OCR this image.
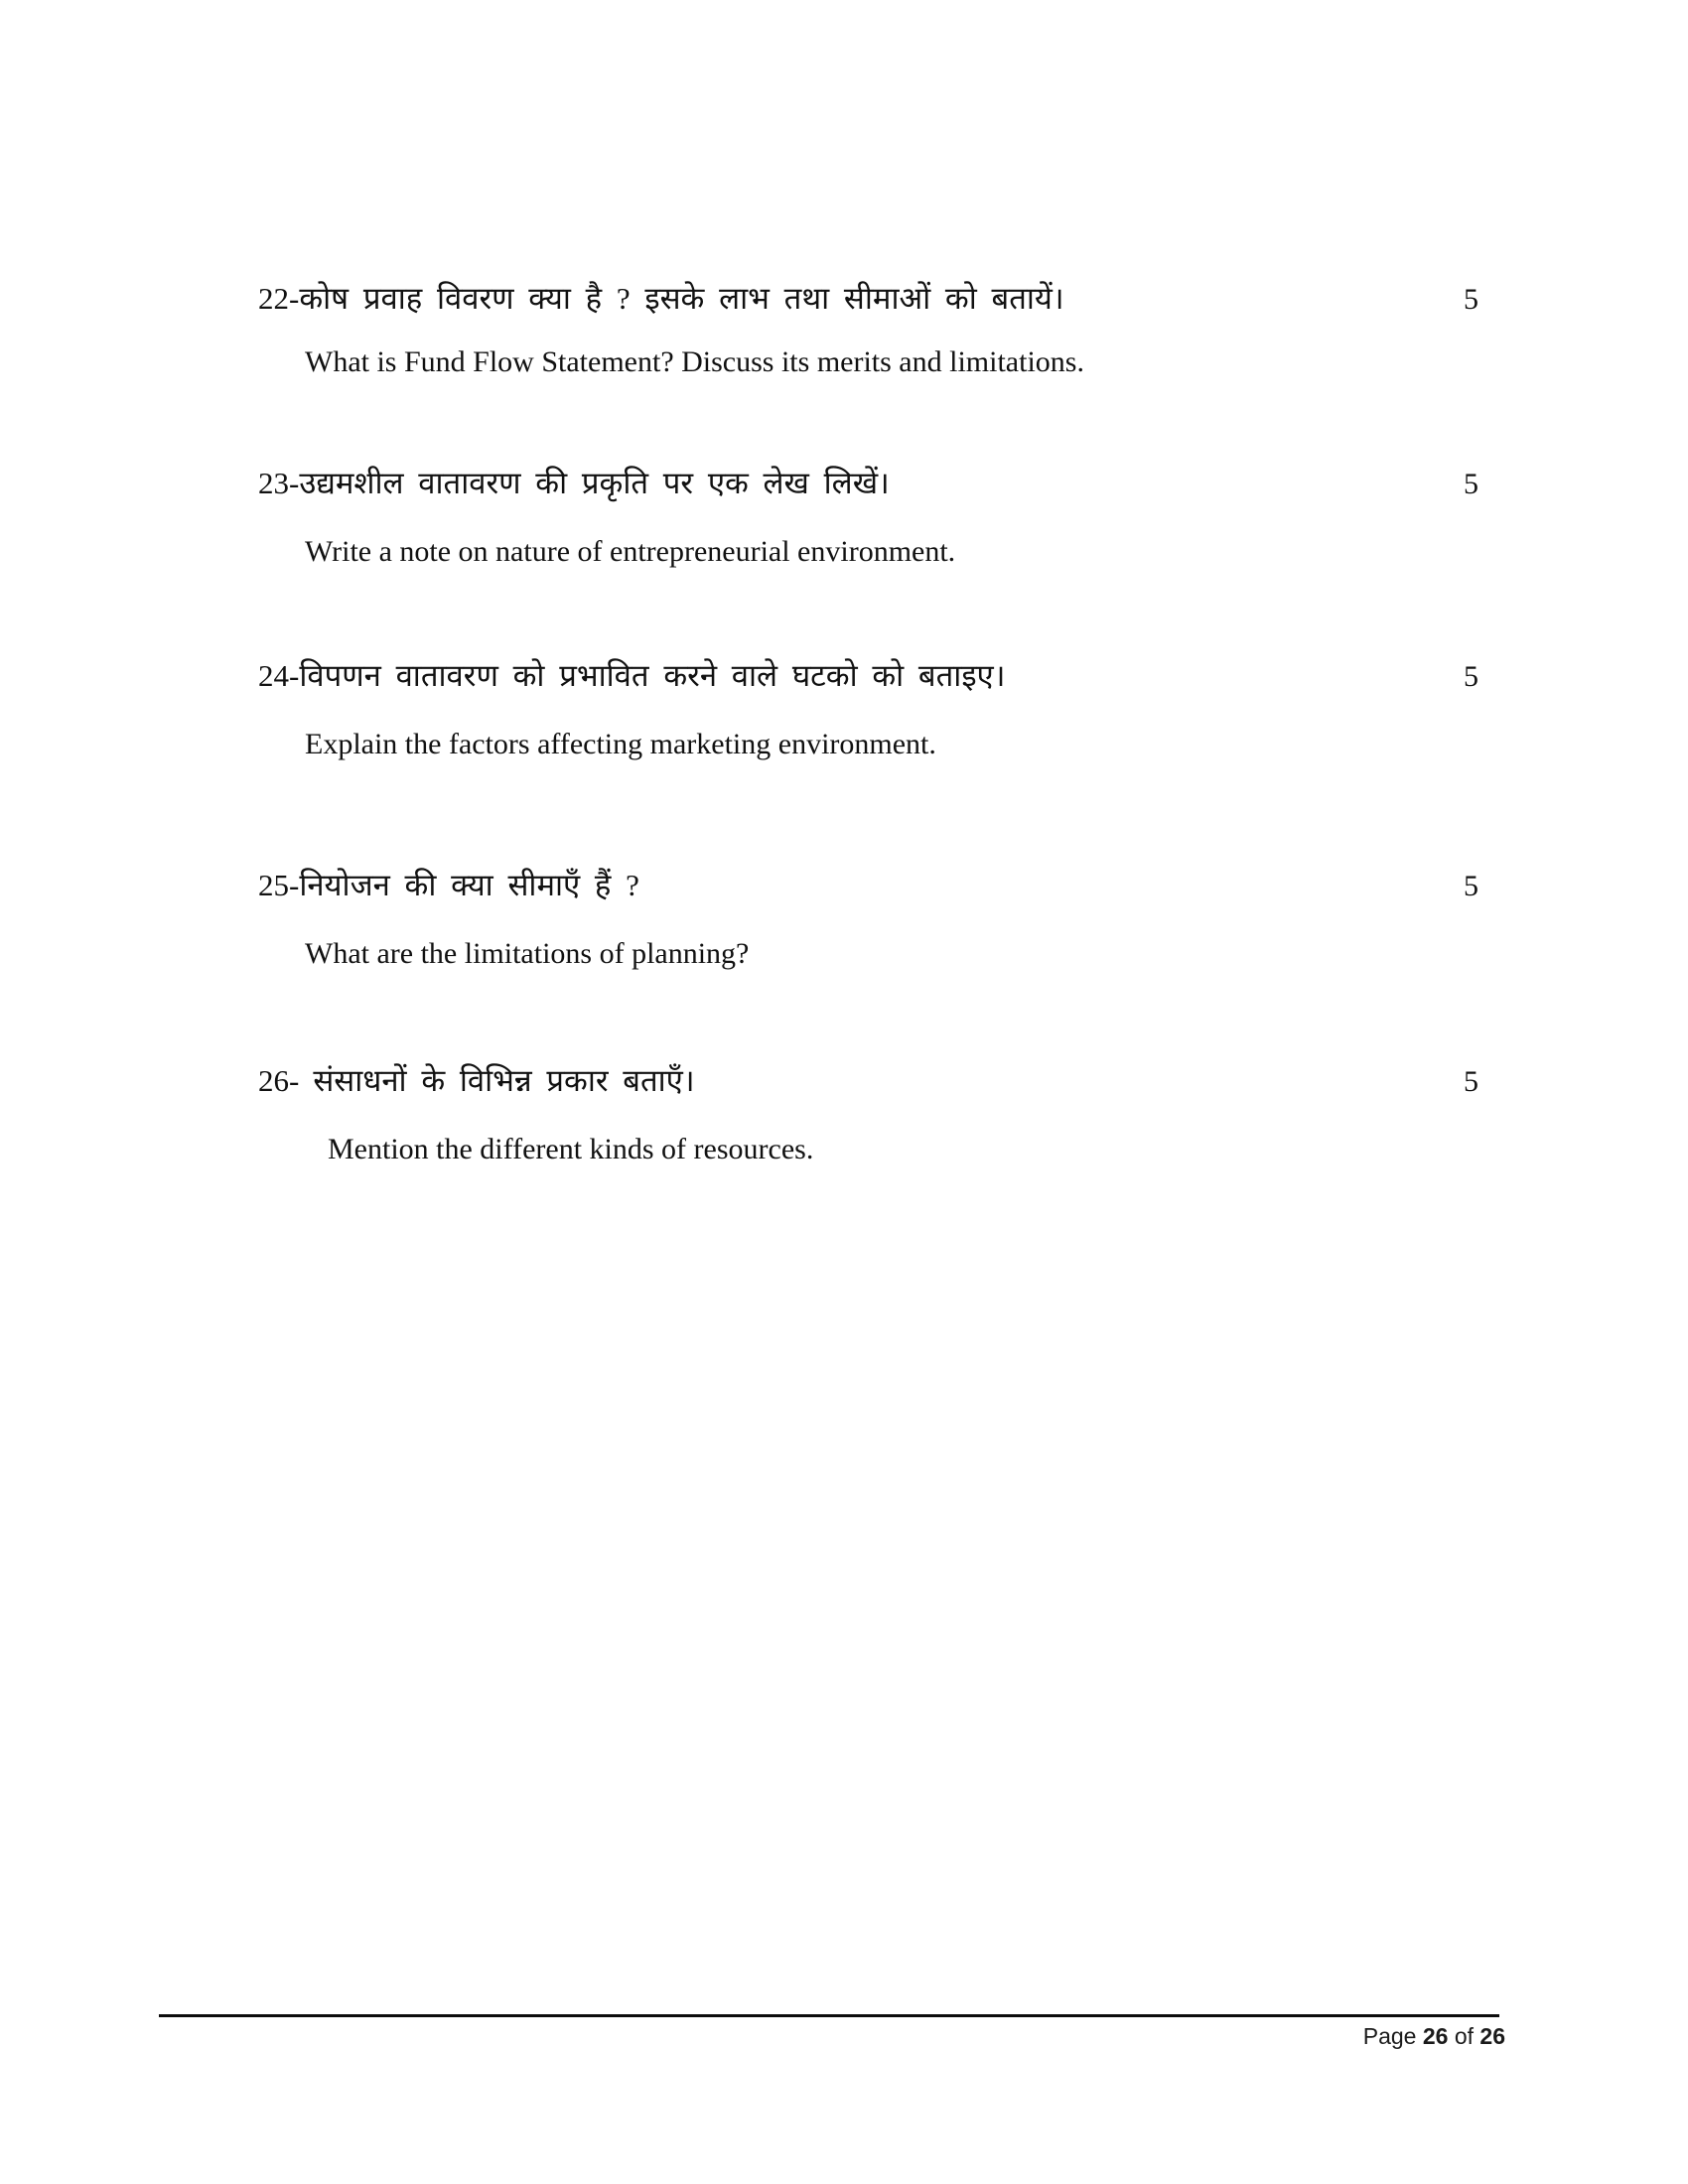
22-कोष प्रवाह विवरण क्या है ? इसके लाभ तथा सीमाओं को बतायें।	5
What is Fund Flow Statement? Discuss its merits and limitations.
23-उद्यमशील वातावरण की प्रकृति पर एक लेख लिखें।	5
Write a note on nature of entrepreneurial environment.
24-विपणन वातावरण को प्रभावित करने वाले घटको को बताइए।	5
Explain the factors affecting marketing environment.
25-नियोजन की क्या सीमाएँ हैं ?	5
What are the limitations of planning?
26- संसाधनों के विभिन्न प्रकार बताएँ।	5
Mention the different kinds of resources.
Page 26 of 26
